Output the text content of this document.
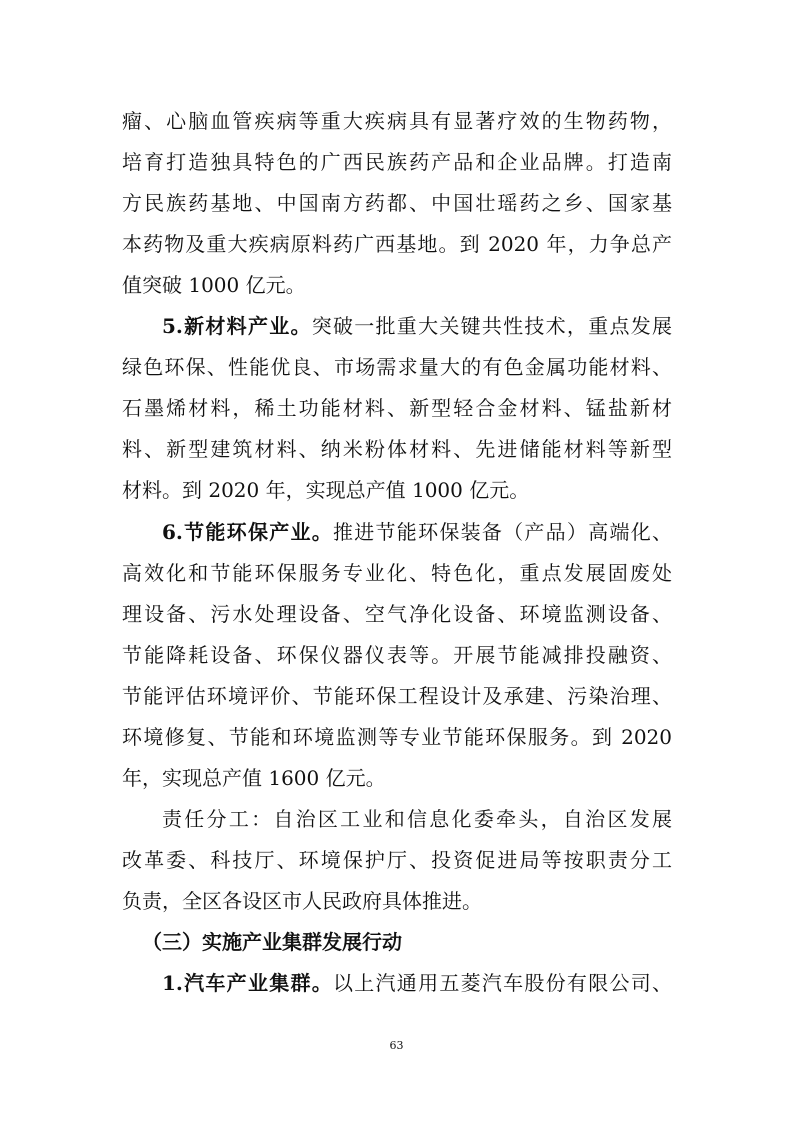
瘤、心脑血管疾病等重大疾病具有显著疗效的生物药物，
培育打造独具特色的广西民族药产品和企业品牌。打造南
方民族药基地、中国南方药都、中国壮瑶药之乡、国家基
本药物及重大疾病原料药广西基地。到 2020 年，力争总产
值突破 1000 亿元。
5.新材料产业。突破一批重大关键共性技术，重点发展
绿色环保、性能优良、市场需求量大的有色金属功能材料、
石墨烯材料，稀土功能材料、新型轻合金材料、锰盐新材
料、新型建筑材料、纳米粉体材料、先进储能材料等新型
材料。到 2020 年，实现总产值 1000 亿元。
6.节能环保产业。推进节能环保装备（产品）高端化、
高效化和节能环保服务专业化、特色化，重点发展固废处
理设备、污水处理设备、空气净化设备、环境监测设备、
节能降耗设备、环保仪器仪表等。开展节能减排投融资、
节能评估环境评价、节能环保工程设计及承建、污染治理、
环境修复、节能和环境监测等专业节能环保服务。到 2020
年，实现总产值 1600 亿元。
责任分工：自治区工业和信息化委牵头，自治区发展
改革委、科技厅、环境保护厅、投资促进局等按职责分工
负责，全区各设区市人民政府具体推进。
（三）实施产业集群发展行动
1.汽车产业集群。以上汽通用五菱汽车股份有限公司、
63
